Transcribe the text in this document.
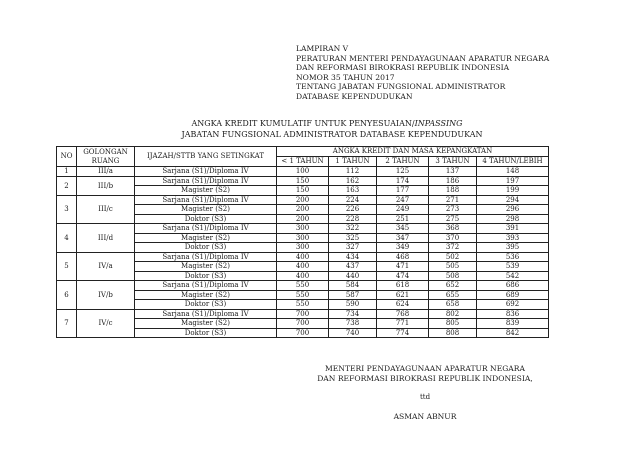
LAMPIRAN V
PERATURAN MENTERI PENDAYAGUNAAN APARATUR NEGARA
DAN REFORMASI BIROKRASI REPUBLIK INDONESIA
NOMOR 35 TAHUN 2017
TENTANG JABATAN FUNGSIONAL ADMINISTRATOR
DATABASE KEPENDUDUKAN
ANGKA KREDIT KUMULATIF UNTUK PENYESUAIAN/INPASSING
JABATAN FUNGSIONAL ADMINISTRATOR DATABASE KEPENDUDUKAN
NO	GOLONGAN RUANG	IJAZAH/STTB YANG SETINGKAT	ANGKA KREDIT DAN MASA KEPANGKATAN				
			< 1 TAHUN	1 TAHUN	2 TAHUN	3 TAHUN	4 TAHUN/LEBIH
1	III/a	Sarjana (S1)/Diploma IV	100	112	125	137	148
2	III/b	Sarjana (S1)/Diploma IV	150	162	174	186	197
		Magister (S2)	150	163	177	188	199
3	III/c	Sarjana (S1)/Diploma IV	200	224	247	271	294
		Magister (S2)	200	226	249	273	296
		Doktor (S3)	200	228	251	275	298
4	III/d	Sarjana (S1)/Diploma IV	300	322	345	368	391
		Magister (S2)	300	325	347	370	393
		Doktor (S3)	300	327	349	372	395
5	IV/a	Sarjana (S1)/Diploma IV	400	434	468	502	536
		Magister (S2)	400	437	471	505	539
		Doktor (S3)	400	440	474	508	542
6	IV/b	Sarjana (S1)/Diploma IV	550	584	618	652	686
		Magister (S2)	550	587	621	655	689
		Doktor (S3)	550	590	624	658	692
7	IV/c	Sarjana (S1)/Diploma IV	700	734	768	802	836
		Magister (S2)	700	738	771	805	839
		Doktor (S3)	700	740	774	808	842
MENTERI PENDAYAGUNAAN APARATUR NEGARA
DAN REFORMASI BIROKRASI REPUBLIK INDONESIA,
ttd
ASMAN ABNUR
